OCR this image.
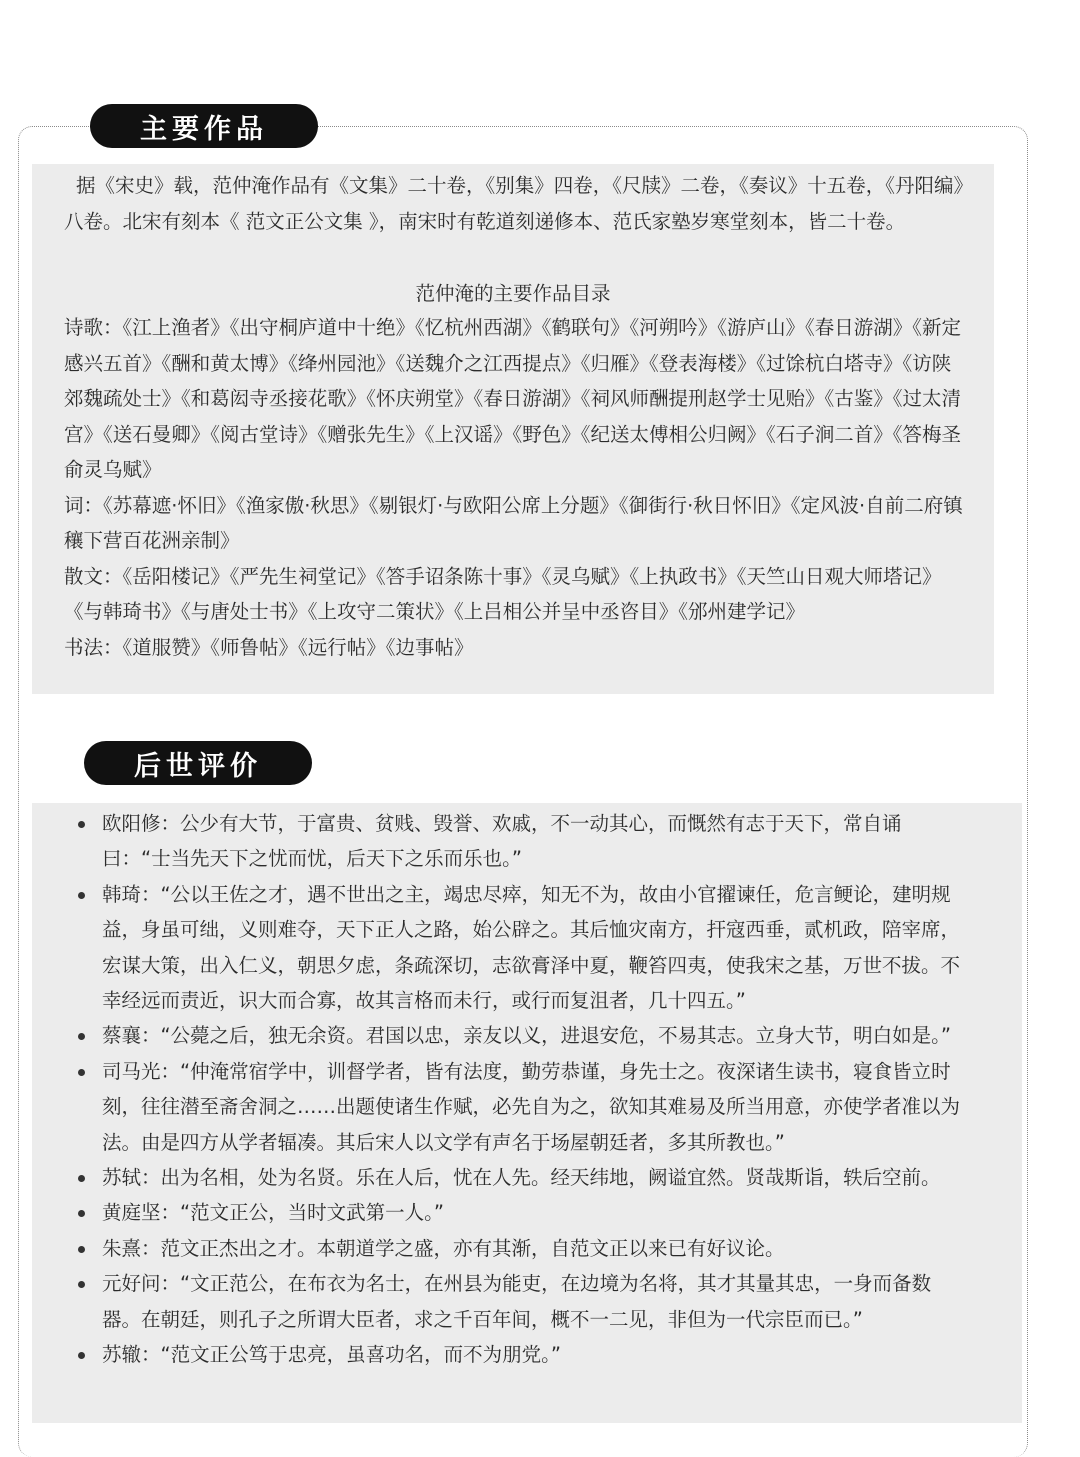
主要作品

据《宋史》载，范仲淹作品有《文集》二十卷，《别集》四卷，《尺牍》二卷，《奏议》十五卷，《丹阳编》八卷。北宋有刻本《 范文正公文集 》，南宋时有乾道刻递修本、范氏家塾岁寒堂刻本，皆二十卷。

范仲淹的主要作品目录

诗歌：《江上渔者》《出守桐庐道中十绝》《忆杭州西湖》《鹤联句》《河朔吟》《游庐山》《春日游湖》《新定感兴五首》《酬和黄太博》《绛州园池》《送魏介之江西提点》《归雁》《登表海楼》《过馀杭白塔寺》《访陕郊魏疏处士》《和葛闳寺丞接花歌》《怀庆朔堂》《春日游湖》《祠风师酬提刑赵学士见贻》《古鉴》《过太清宫》《送石曼卿》《阅古堂诗》《赠张先生》《上汉谣》《野色》《纪送太傅相公归阙》《石子涧二首》《答梅圣俞灵乌赋》
词：《苏幕遮·怀旧》《渔家傲·秋思》《剔银灯·与欧阳公席上分题》《御街行·秋日怀旧》《定风波·自前二府镇穰下营百花洲亲制》
散文：《岳阳楼记》《严先生祠堂记》《答手诏条陈十事》《灵乌赋》《上执政书》《天竺山日观大师塔记》《与韩琦书》《与唐处士书》《上攻守二策状》《上吕相公并呈中丞咨目》《邠州建学记》
书法：《道服赞》《师鲁帖》《远行帖》《边事帖》
后世评价
欧阳修：公少有大节，于富贵、贫贱、毁誉、欢戚，不一动其心，而慨然有志于天下，常自诵曰：“士当先天下之忧而忧，后天下之乐而乐也。”
韩琦：“公以王佐之才，遇不世出之主，竭忠尽瘁，知无不为，故由小官擢谏任，危言鲠论，建明规益，身虽可绌，义则难夺，天下正人之路，始公辟之。其后恤灾南方，扞寇西垂，贰机政，陪宰席，宏谋大策，出入仁义，朝思夕虑，条疏深切，志欲膏泽中夏，鞭笞四夷，使我宋之基，万世不拔。不幸经远而责近，识大而合寡，故其言格而未行，或行而复沮者，几十四五。”
蔡襄：“公薨之后，独无余资。君国以忠，亲友以义，进退安危，不易其志。立身大节，明白如是。”
司马光：“仲淹常宿学中，训督学者，皆有法度，勤劳恭谨，身先士之。夜深诸生读书，寝食皆立时刻，往往潜至斋舍洞之……出题使诸生作赋，必先自为之，欲知其难易及所当用意，亦使学者准以为法。由是四方从学者辐凑。其后宋人以文学有声名于场屋朝廷者，多其所教也。”
苏轼：出为名相，处为名贤。乐在人后，忧在人先。经天纬地，阙谥宜然。贤哉斯诣，轶后空前。
黄庭坚：“范文正公，当时文武第一人。”
朱熹：范文正杰出之才。本朝道学之盛，亦有其渐，自范文正以来已有好议论。
元好问：“文正范公，在布衣为名士，在州县为能吏，在边境为名将，其才其量其忠，一身而备数器。在朝廷，则孔子之所谓大臣者，求之千百年间，概不一二见，非但为一代宗臣而已。”
苏辙：“范文正公笃于忠亮，虽喜功名，而不为朋党。”
